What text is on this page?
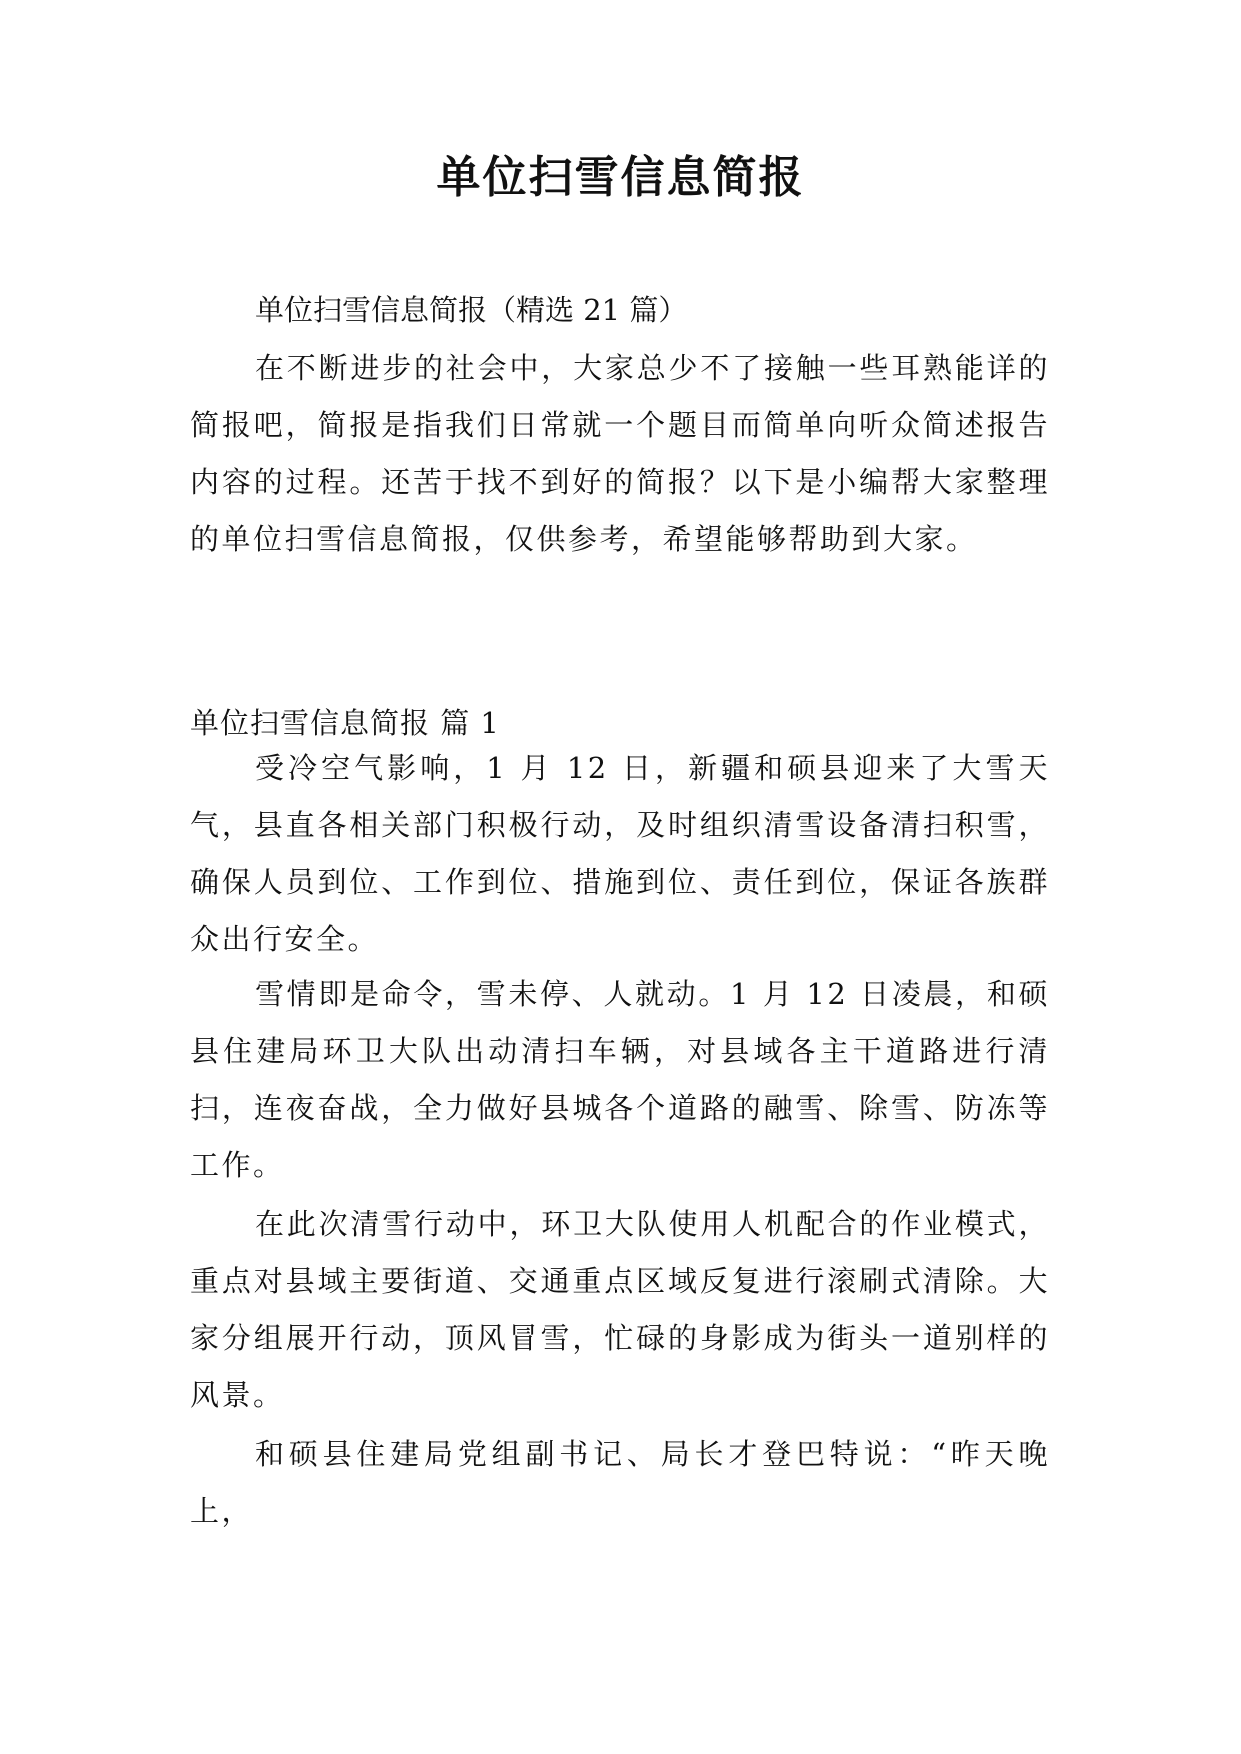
单位扫雪信息简报
单位扫雪信息简报（精选 21 篇）

在不断进步的社会中，大家总少不了接触一些耳熟能详的简报吧，简报是指我们日常就一个题目而简单向听众简述报告内容的过程。还苦于找不到好的简报？以下是小编帮大家整理的单位扫雪信息简报，仅供参考，希望能够帮助到大家。

单位扫雪信息简报 篇 1

受冷空气影响，1 月 12 日，新疆和硕县迎来了大雪天气，县直各相关部门积极行动，及时组织清雪设备清扫积雪，确保人员到位、工作到位、措施到位、责任到位，保证各族群众出行安全。

雪情即是命令，雪未停、人就动。1 月 12 日凌晨，和硕县住建局环卫大队出动清扫车辆，对县域各主干道路进行清扫，连夜奋战，全力做好县城各个道路的融雪、除雪、防冻等工作。

在此次清雪行动中，环卫大队使用人机配合的作业模式，重点对县域主要街道、交通重点区域反复进行滚刷式清除。大家分组展开行动，顶风冒雪，忙碌的身影成为街头一道别样的风景。

和硕县住建局党组副书记、局长才登巴特说：“昨天晚上，
